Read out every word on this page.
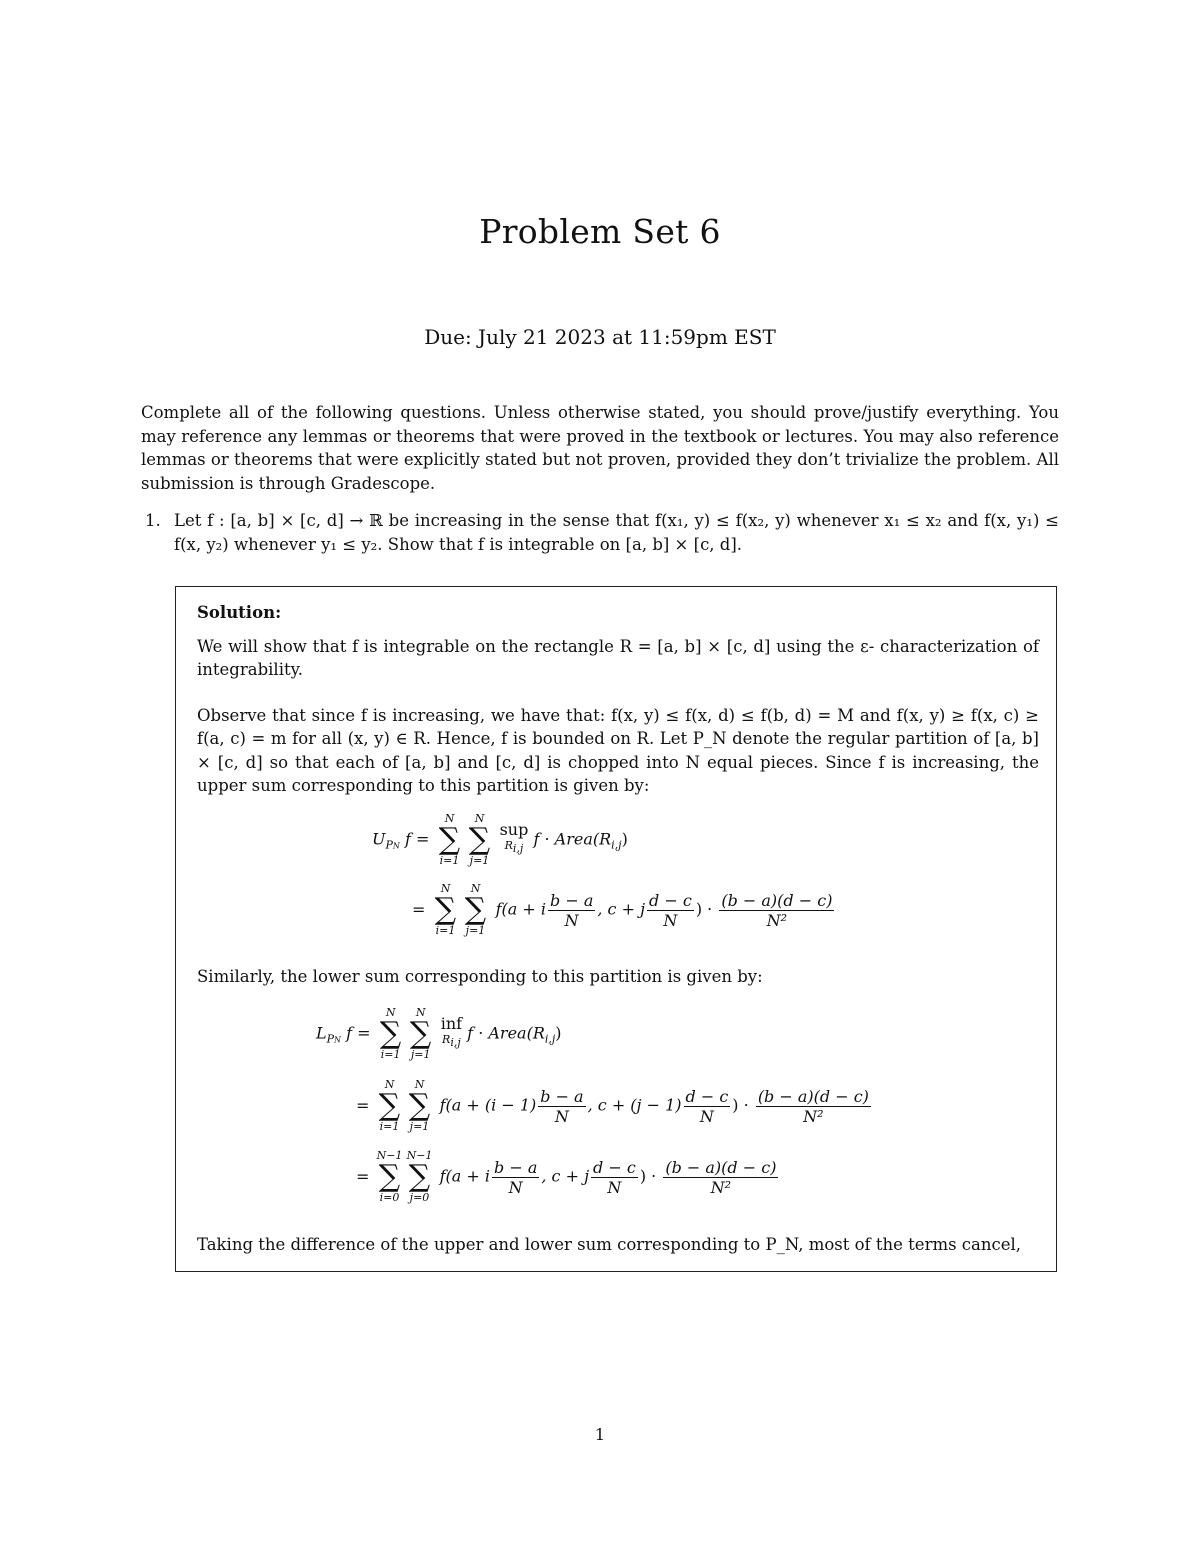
Problem Set 6
Due: July 21 2023 at 11:59pm EST
Complete all of the following questions. Unless otherwise stated, you should prove/justify everything. You may reference any lemmas or theorems that were proved in the textbook or lectures. You may also reference lemmas or theorems that were explicitly stated but not proven, provided they don’t trivialize the problem. All submission is through Gradescope.
1. Let f : [a, b] × [c, d] → ℝ be increasing in the sense that f(x₁, y) ≤ f(x₂, y) whenever x₁ ≤ x₂ and f(x, y₁) ≤ f(x, y₂) whenever y₁ ≤ y₂. Show that f is integrable on [a, b] × [c, d].
Solution:

We will show that f is integrable on the rectangle R = [a, b] × [c, d] using the ε- characterization of integrability.

Observe that since f is increasing, we have that: f(x, y) ≤ f(x, d) ≤ f(b, d) = M and f(x, y) ≥ f(x, c) ≥ f(a, c) = m for all (x, y) ∈ R. Hence, f is bounded on R. Let P_N denote the regular partition of [a, b] × [c, d] so that each of [a, b] and [c, d] is chopped into N equal pieces. Since f is increasing, the upper sum corresponding to this partition is given by:

$U_{PN}$ f =
N
∑
i=1
N
∑
j=1
sup
$R_{i,j}$
$f \cdot Area(R_{i,j})$
=
N
∑
i=1
N
∑
j=1
f(a + i $\frac{b - a}{N}$ , c + j $\frac{d - c}{N}$ ) · $\frac{(b - a)(d - c)}{\text{N²}}$
Similarly, the lower sum corresponding to this partition is given by:
$L_{PN}$ f =
N
∑
i=1
N
∑
j=1
inf
$R_{i,j}$
$f \cdot Area(R_{i,j})$
=
N
∑
i=1
N
∑
j=1
$f(a + (i - 1) \frac{b - a}{N}$ , $c + (j - 1) \frac{d - c}{N}$ ) · $\frac{(b - a)(d - c)}{\text{N²}}$
=
N−1
∑
i=0
N−1
∑
j=0
f(a + i $\frac{b - a}{N}$ , c + j $\frac{d - c}{N}$ ) · $\frac{(b - a)(d - c)}{\text{N²}}$
Taking the difference of the upper and lower sum corresponding to P_N, most of the terms cancel,
1
